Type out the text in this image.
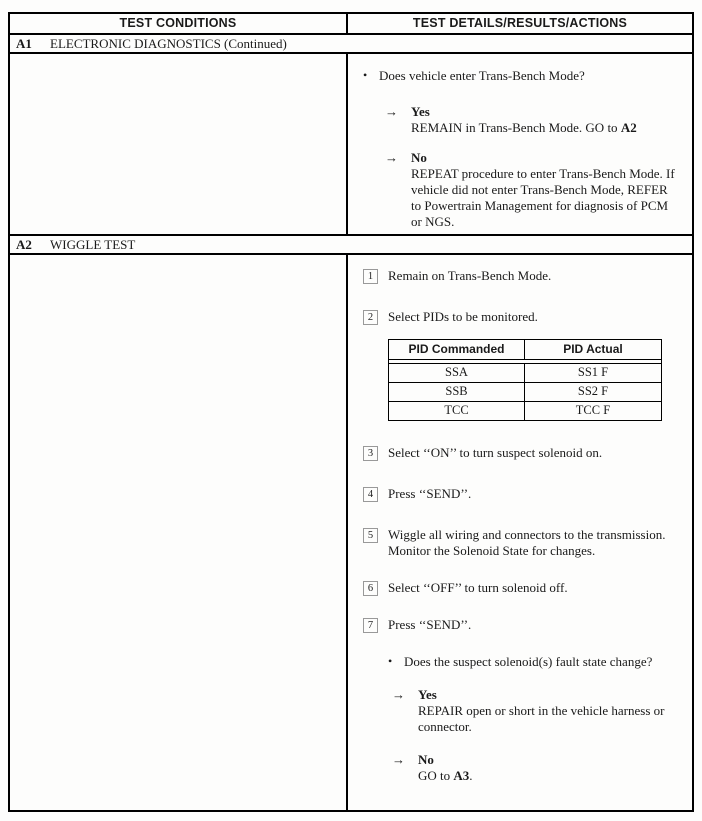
TEST CONDITIONS	TEST DETAILS/RESULTS/ACTIONS
A1	ELECTRONIC DIAGNOSTICS (Continued)
• Does vehicle enter Trans-Bench Mode?
→	Yes
REMAIN in Trans-Bench Mode. GO to A2
→	No
REPEAT procedure to enter Trans-Bench Mode. If vehicle did not enter Trans-Bench Mode, REFER to Powertrain Management for diagnosis of PCM or NGS.
A2	WIGGLE TEST
1	Remain on Trans-Bench Mode.
2	Select PIDs to be monitored.
PID Commanded	PID Actual
SSA	SS1 F
SSB	SS2 F
TCC	TCC F
3	Select ‘‘ON’’ to turn suspect solenoid on.
4	Press ‘‘SEND’’.
5	Wiggle all wiring and connectors to the transmission. Monitor the Solenoid State for changes.
6	Select ‘‘OFF’’ to turn solenoid off.
7	Press ‘‘SEND’’.
• Does the suspect solenoid(s) fault state change?
→	Yes
REPAIR open or short in the vehicle harness or connector.
→	No
GO to A3.
